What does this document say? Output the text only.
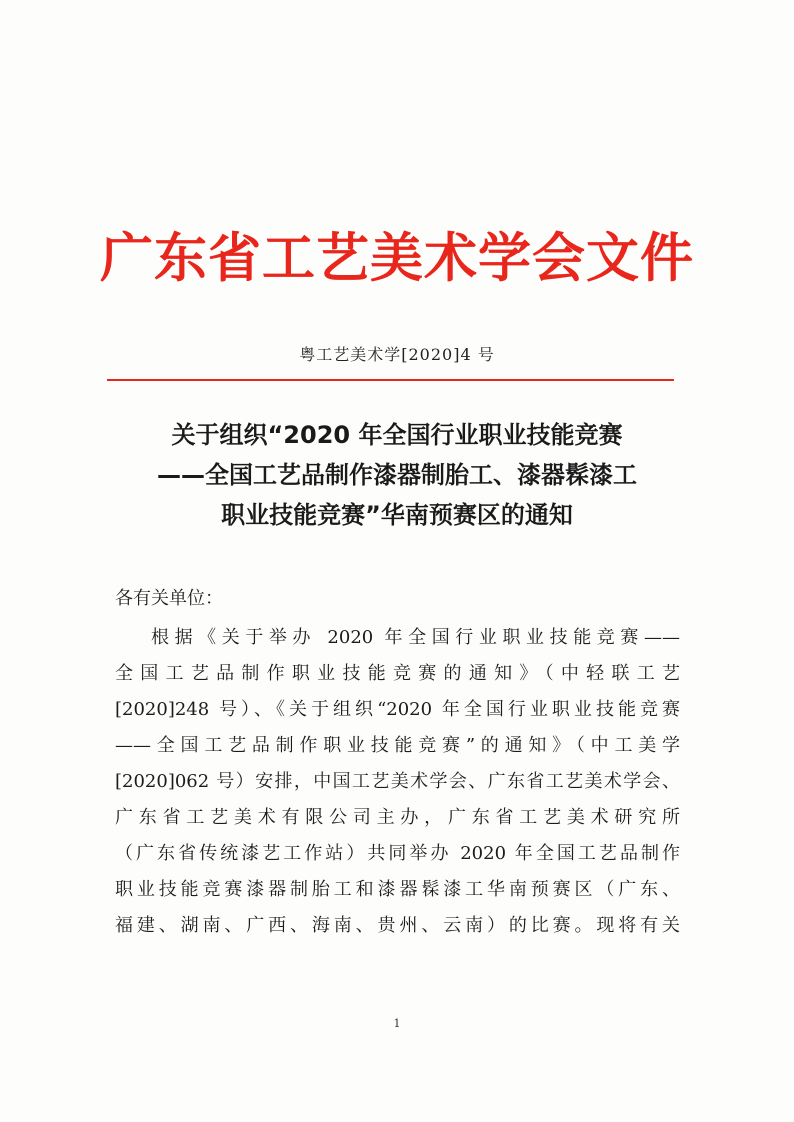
广东省工艺美术学会文件
粤工艺美术学[2020]4 号
关于组织“2020 年全国行业职业技能竞赛
——全国工艺品制作漆器制胎工、漆器髹漆工
职业技能竞赛”华南预赛区的通知
各有关单位：
根据《关于举办 2020 年全国行业职业技能竞赛——
全国工艺品制作职业技能竞赛的通知》（中轻联工艺
[2020]248 号）、《关于组织“2020 年全国行业职业技能竞赛
——全国工艺品制作职业技能竞赛”的通知》（中工美学
[2020]062 号）安排，中国工艺美术学会、广东省工艺美术学会、
广东省工艺美术有限公司主办，广东省工艺美术研究所
（广东省传统漆艺工作站）共同举办 2020 年全国工艺品制作
职业技能竞赛漆器制胎工和漆器髹漆工华南预赛区（广东、
福建、湖南、广西、海南、贵州、云南）的比赛。现将有关
1
